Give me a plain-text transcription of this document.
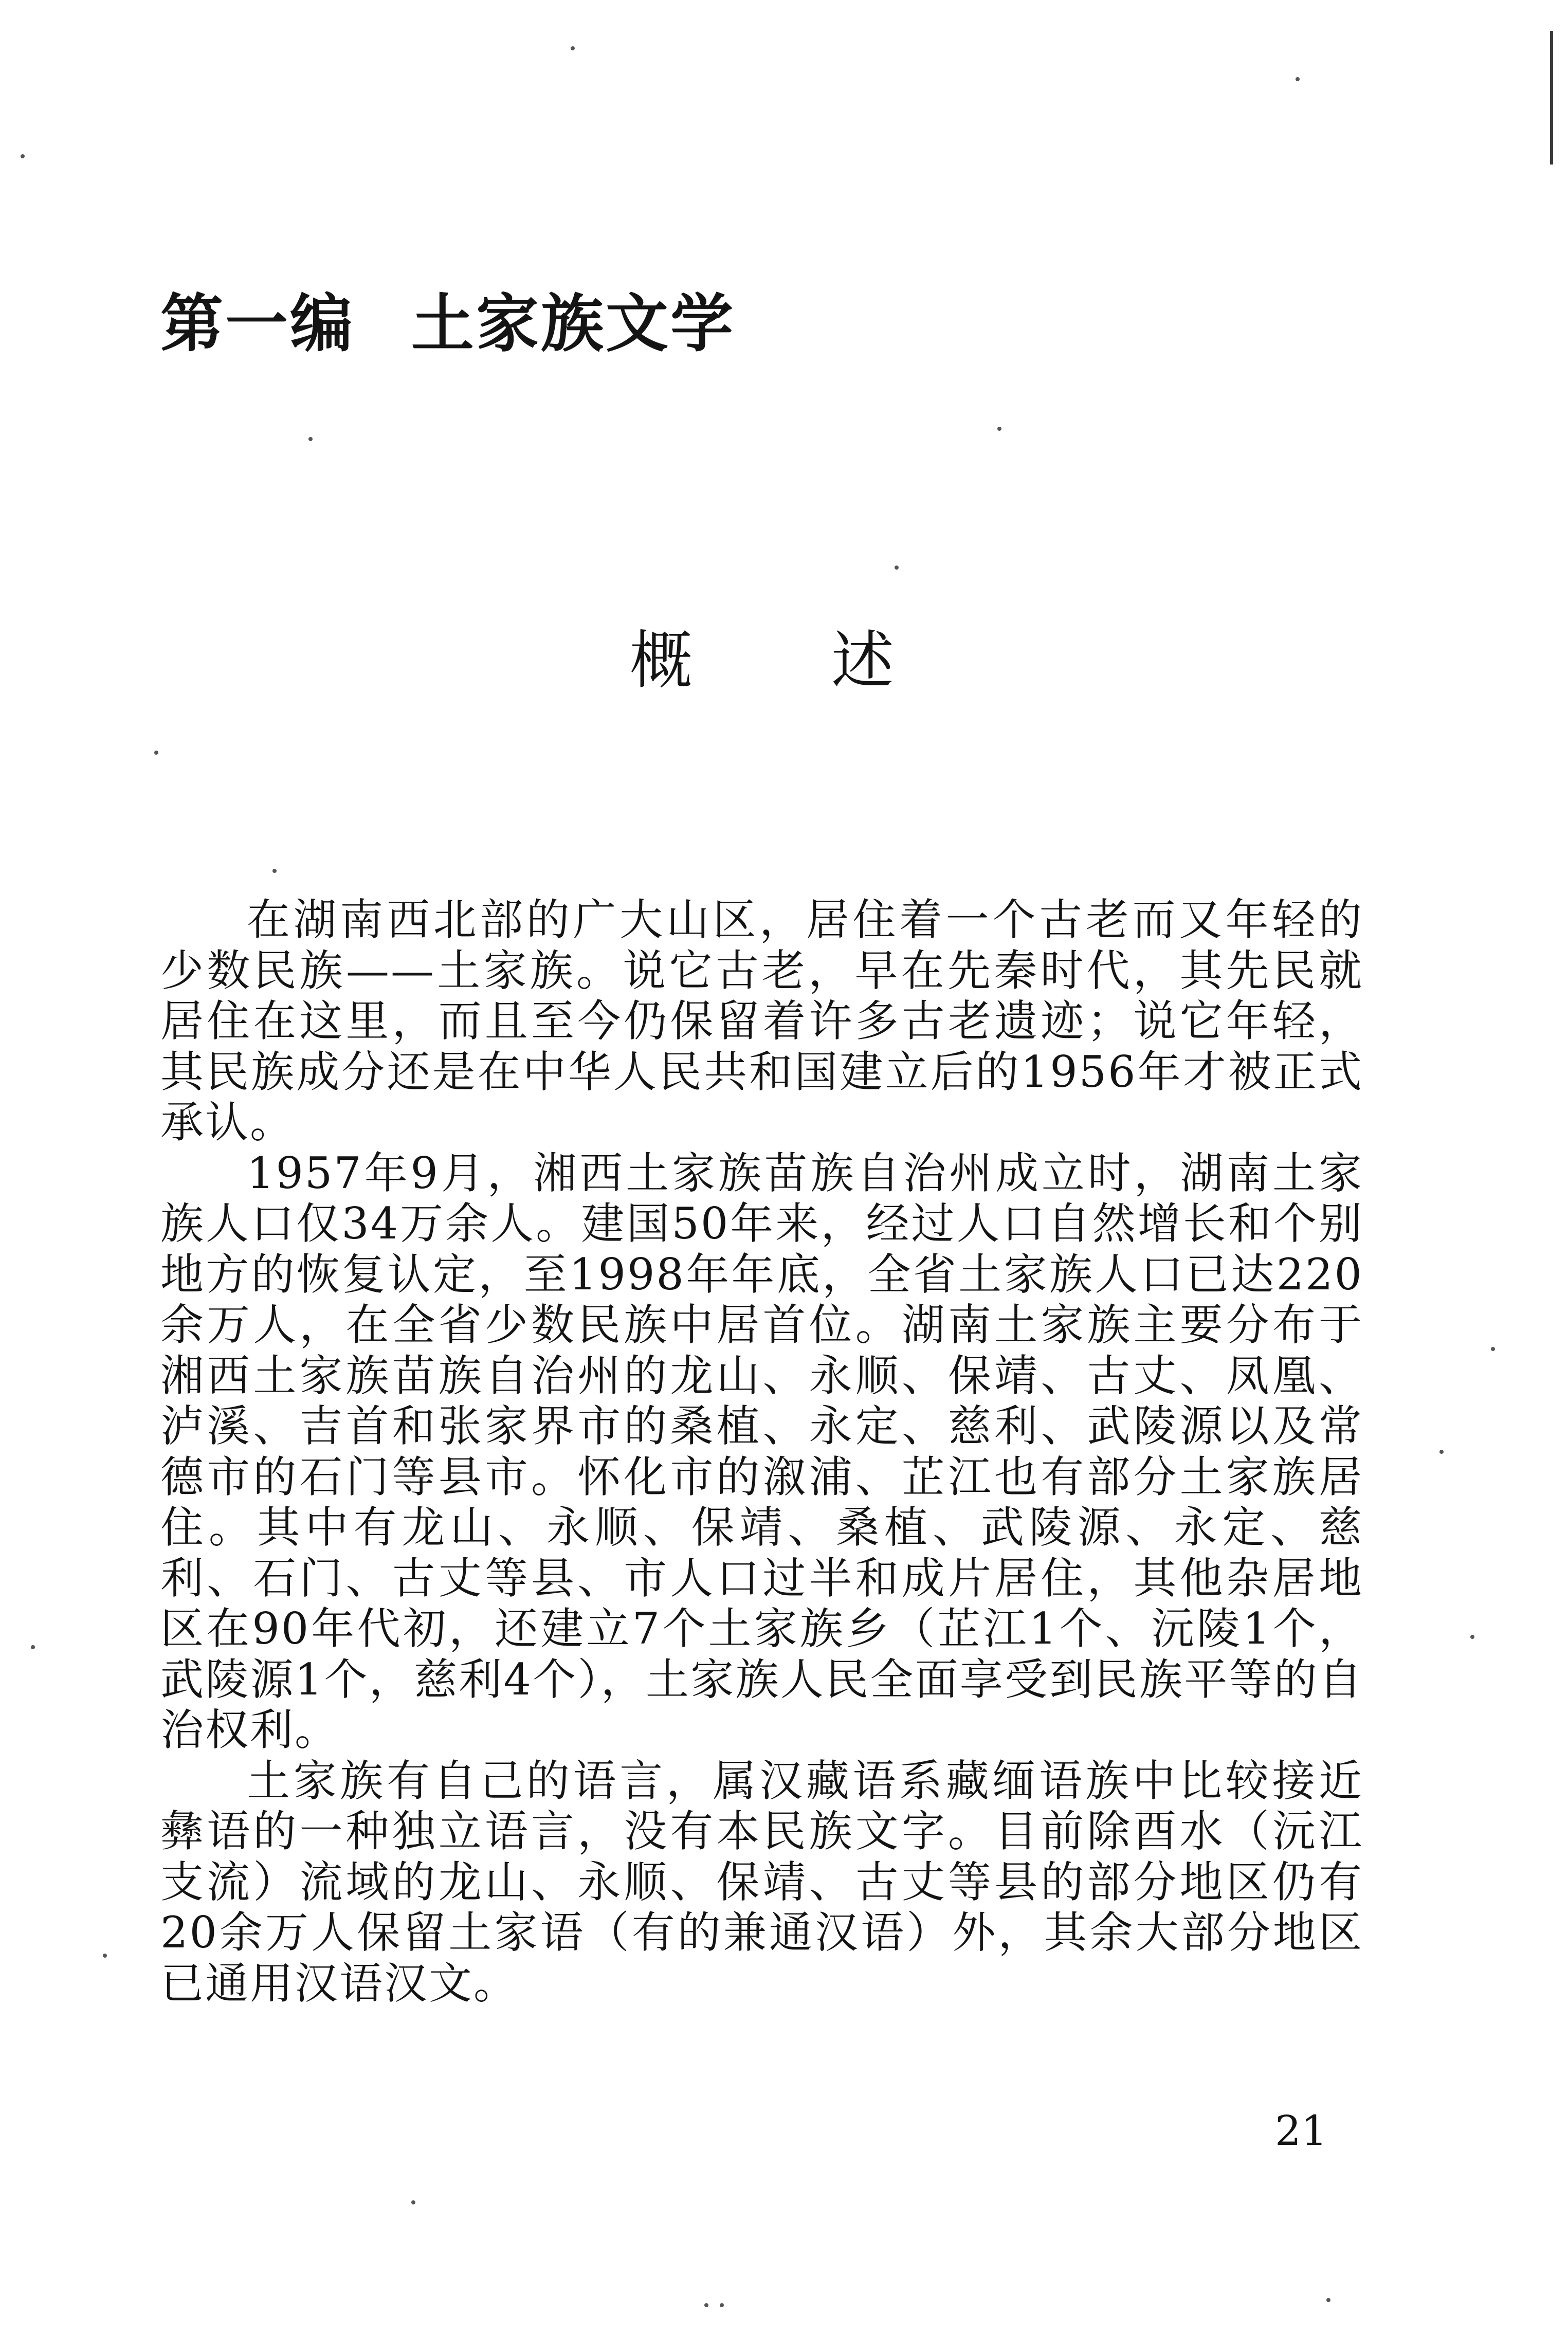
第一编 土家族文学
概 述

在湖南西北部的广大山区，居住着一个古老而又年轻的少数民族——土家族。说它古老，早在先秦时代，其先民就居住在这里，而且至今仍保留着许多古老遗迹；说它年轻，其民族成分还是在中华人民共和国建立后的1956年才被正式承认。

1957年9月，湘西土家族苗族自治州成立时，湖南土家族人口仅34万余人。建国50年来，经过人口自然增长和个别地方的恢复认定，至1998年年底，全省土家族人口已达220余万人，在全省少数民族中居首位。湖南土家族主要分布于湘西土家族苗族自治州的龙山、永顺、保靖、古丈、凤凰、泸溪、吉首和张家界市的桑植、永定、慈利、武陵源以及常德市的石门等县市。怀化市的溆浦、芷江也有部分土家族居住。其中有龙山、永顺、保靖、桑植、武陵源、永定、慈利、石门、古丈等县、市人口过半和成片居住，其他杂居地区在90年代初，还建立7个土家族乡（芷江1个、沅陵1个，武陵源1个，慈利4个），土家族人民全面享受到民族平等的自治权利。

土家族有自己的语言，属汉藏语系藏缅语族中比较接近彝语的一种独立语言，没有本民族文字。目前除酉水（沅江支流）流域的龙山、永顺、保靖、古丈等县的部分地区仍有20余万人保留土家语（有的兼通汉语）外，其余大部分地区已通用汉语汉文。

21
